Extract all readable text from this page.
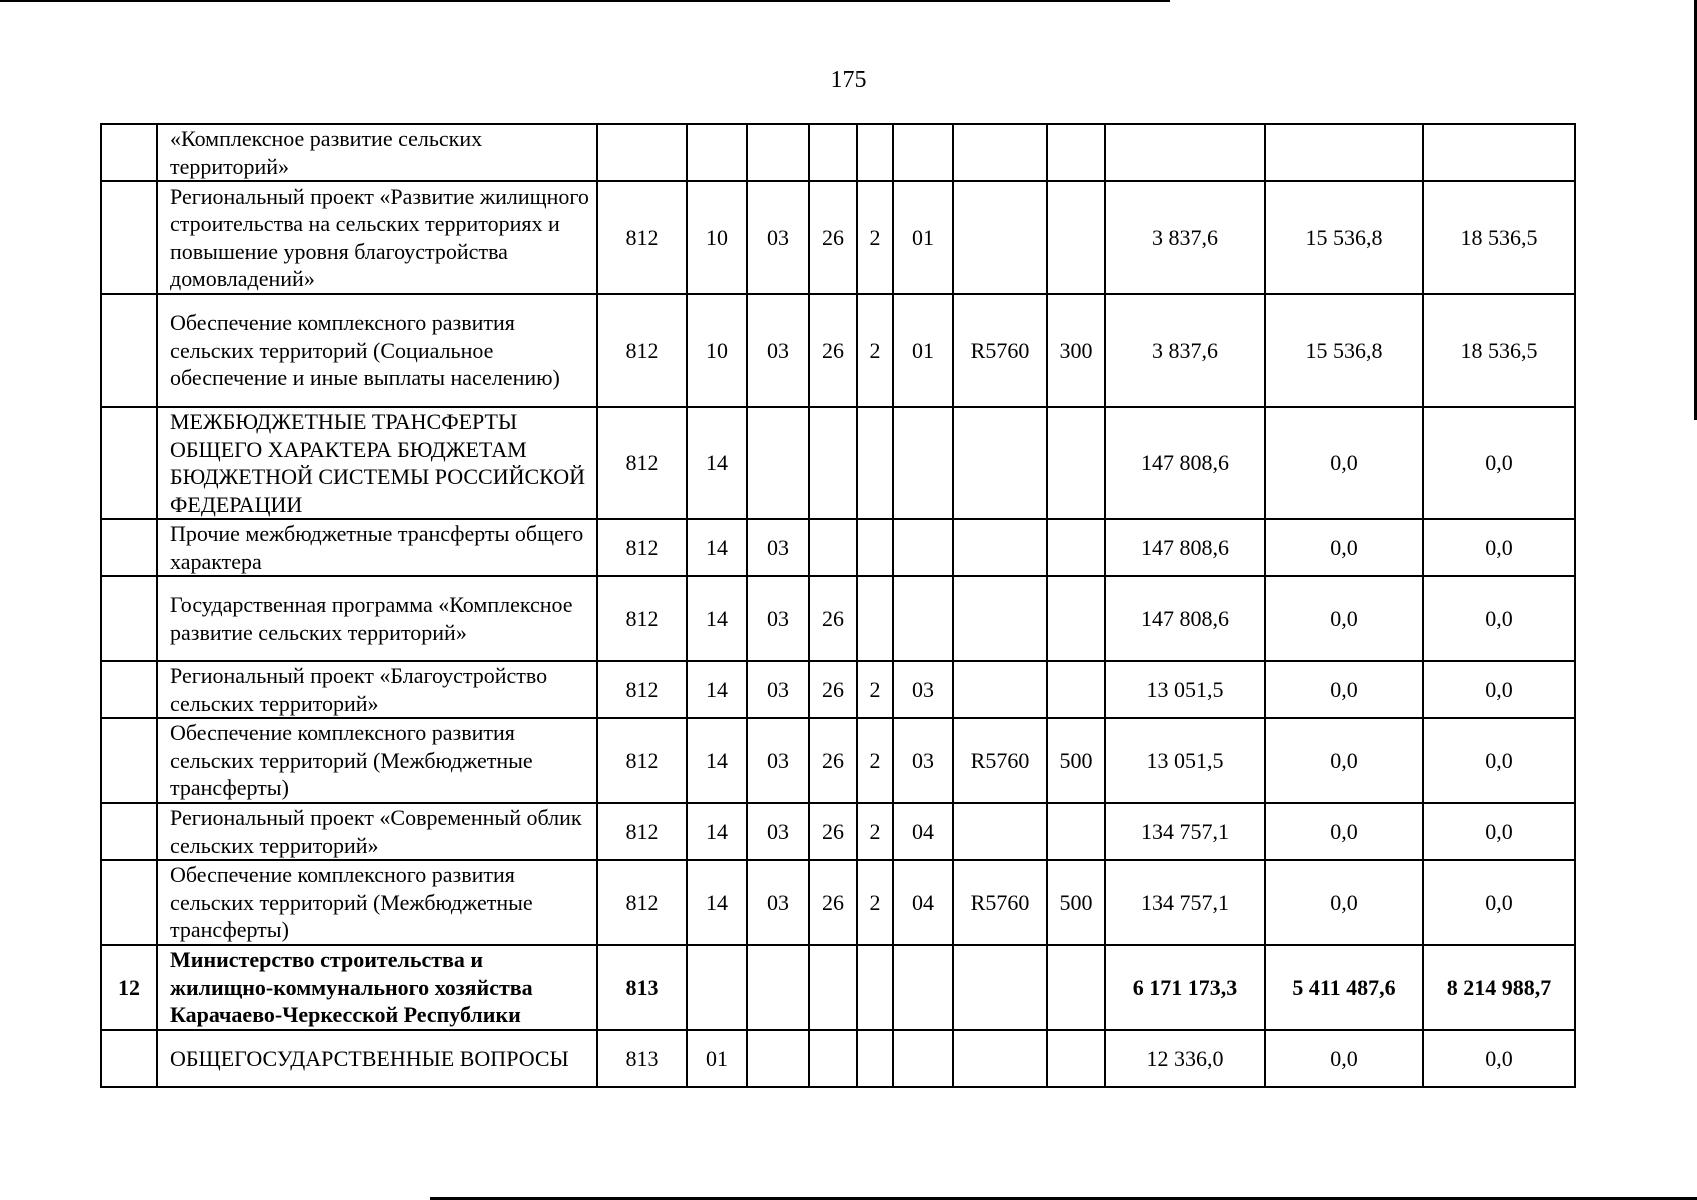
175
	«Комплексное развитие сельских территорий»											
	Региональный проект «Развитие жилищного строительства на сельских территориях и повышение уровня благоустройства домовладений»	812	10	03	26	2	01			3 837,6	15 536,8	18 536,5
	Обеспечение комплексного развития сельских территорий (Социальное обеспечение и иные выплаты населению)	812	10	03	26	2	01	R5760	300	3 837,6	15 536,8	18 536,5
	МЕЖБЮДЖЕТНЫЕ ТРАНСФЕРТЫ ОБЩЕГО ХАРАКТЕРА БЮДЖЕТАМ БЮДЖЕТНОЙ СИСТЕМЫ РОССИЙСКОЙ ФЕДЕРАЦИИ	812	14							147 808,6	0,0	0,0
	Прочие межбюджетные трансферты общего характера	812	14	03						147 808,6	0,0	0,0
	Государственная программа «Комплексное развитие сельских территорий»	812	14	03	26					147 808,6	0,0	0,0
	Региональный проект «Благоустройство сельских территорий»	812	14	03	26	2	03			13 051,5	0,0	0,0
	Обеспечение комплексного развития сельских территорий (Межбюджетные трансферты)	812	14	03	26	2	03	R5760	500	13 051,5	0,0	0,0
	Региональный проект «Современный облик сельских территорий»	812	14	03	26	2	04			134 757,1	0,0	0,0
	Обеспечение комплексного развития сельских территорий (Межбюджетные трансферты)	812	14	03	26	2	04	R5760	500	134 757,1	0,0	0,0
12	Министерство строительства и жилищно-коммунального хозяйства Карачаево-Черкесской Республики	813								6 171 173,3	5 411 487,6	8 214 988,7
	ОБЩЕГОСУДАРСТВЕННЫЕ ВОПРОСЫ	813	01							12 336,0	0,0	0,0
